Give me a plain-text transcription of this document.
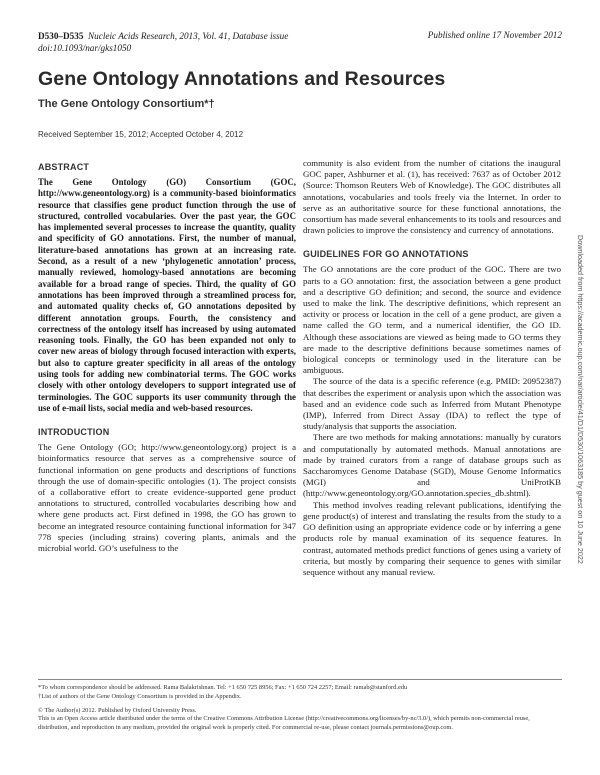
D530–D535 Nucleic Acids Research, 2013, Vol. 41, Database issue
doi:10.1093/nar/gks1050
Published online 17 November 2012
Gene Ontology Annotations and Resources
The Gene Ontology Consortium*†
Received September 15, 2012; Accepted October 4, 2012
ABSTRACT

The Gene Ontology (GO) Consortium (GOC, http://www.geneontology.org) is a community-based bioinformatics resource that classifies gene product function through the use of structured, controlled vocabularies. Over the past year, the GOC has implemented several processes to increase the quantity, quality and specificity of GO annotations. First, the number of manual, literature-based annotations has grown at an increasing rate. Second, as a result of a new ‘phylogenetic annotation’ process, manually reviewed, homology-based annotations are becoming available for a broad range of species. Third, the quality of GO annotations has been improved through a streamlined process for, and automated quality checks of, GO annotations deposited by different annotation groups. Fourth, the consistency and correctness of the ontology itself has increased by using automated reasoning tools. Finally, the GO has been expanded not only to cover new areas of biology through focused interaction with experts, but also to capture greater specificity in all areas of the ontology using tools for adding new combinatorial terms. The GOC works closely with other ontology developers to support integrated use of terminologies. The GOC supports its user community through the use of e-mail lists, social media and web-based resources.

INTRODUCTION

The Gene Ontology (GO; http://www.geneontology.org) project is a bioinformatics resource that serves as a comprehensive source of functional information on gene products and descriptions of functions through the use of domain-specific ontologies (1). The project consists of a collaborative effort to create evidence-supported gene product annotations to structured, controlled vocabularies describing how and where gene products act. First defined in 1998, the GO has grown to become an integrated resource containing functional information for 347 778 species (including strains) covering plants, animals and the microbial world. GO’s usefulness to the

community is also evident from the number of citations the inaugural GOC paper, Ashburner et al. (1), has received: 7637 as of October 2012 (Source: Thomson Reuters Web of Knowledge). The GOC distributes all annotations, vocabularies and tools freely via the Internet. In order to serve as an authoritative source for these functional annotations, the consortium has made several enhancements to its tools and resources and drawn policies to improve the consistency and currency of annotations.

GUIDELINES FOR GO ANNOTATIONS

The GO annotations are the core product of the GOC. There are two parts to a GO annotation: first, the association between a gene product and a descriptive GO definition; and second, the source and evidence used to make the link. The descriptive definitions, which represent an activity or process or location in the cell of a gene product, are given a name called the GO term, and a numerical identifier, the GO ID. Although these associations are viewed as being made to GO terms they are made to the descriptive definitions because sometimes names of biological concepts or terminology used in the literature can be ambiguous.

The source of the data is a specific reference (e.g. PMID: 20952387) that describes the experiment or analysis upon which the association was based and an evidence code such as Inferred from Mutant Phenotype (IMP), Inferred from Direct Assay (IDA) to reflect the type of study/analysis that supports the association.

There are two methods for making annotations: manually by curators and computationally by automated methods. Manual annotations are made by trained curators from a range of database groups such as Saccharomyces Genome Database (SGD), Mouse Genome Informatics (MGI) and UniProtKB (http://www.geneontology.org/GO.annotation.species_db.shtml).

This method involves reading relevant publications, identifying the gene product(s) of interest and translating the results from the study to a GO definition using an appropriate evidence code or by inferring a gene products role by manual examination of its sequence features. In contrast, automated methods predict functions of genes using a variety of criteria, but mostly by comparing their sequence to genes with similar sequence without any manual review.

*To whom correspondence should be addressed. Rama Balakrishnan. Tel: +1 650 725 8956; Fax: +1 650 724 2257; Email: ramab@stanford.edu

†List of authors of the Gene Ontology Consortium is provided in the Appendix.

© The Author(s) 2012. Published by Oxford University Press.

This is an Open Access article distributed under the terms of the Creative Commons Attribution License (http://creativecommons.org/licenses/by-nc/3.0/), which permits non-commercial reuse, distribution, and reproduction in any medium, provided the original work is properly cited. For commercial re-use, please contact journals.permissions@oup.com.

Downloaded from https://academic.oup.com/nar/article/41/D1/D530/1063185 by guest on 10 June 2022
